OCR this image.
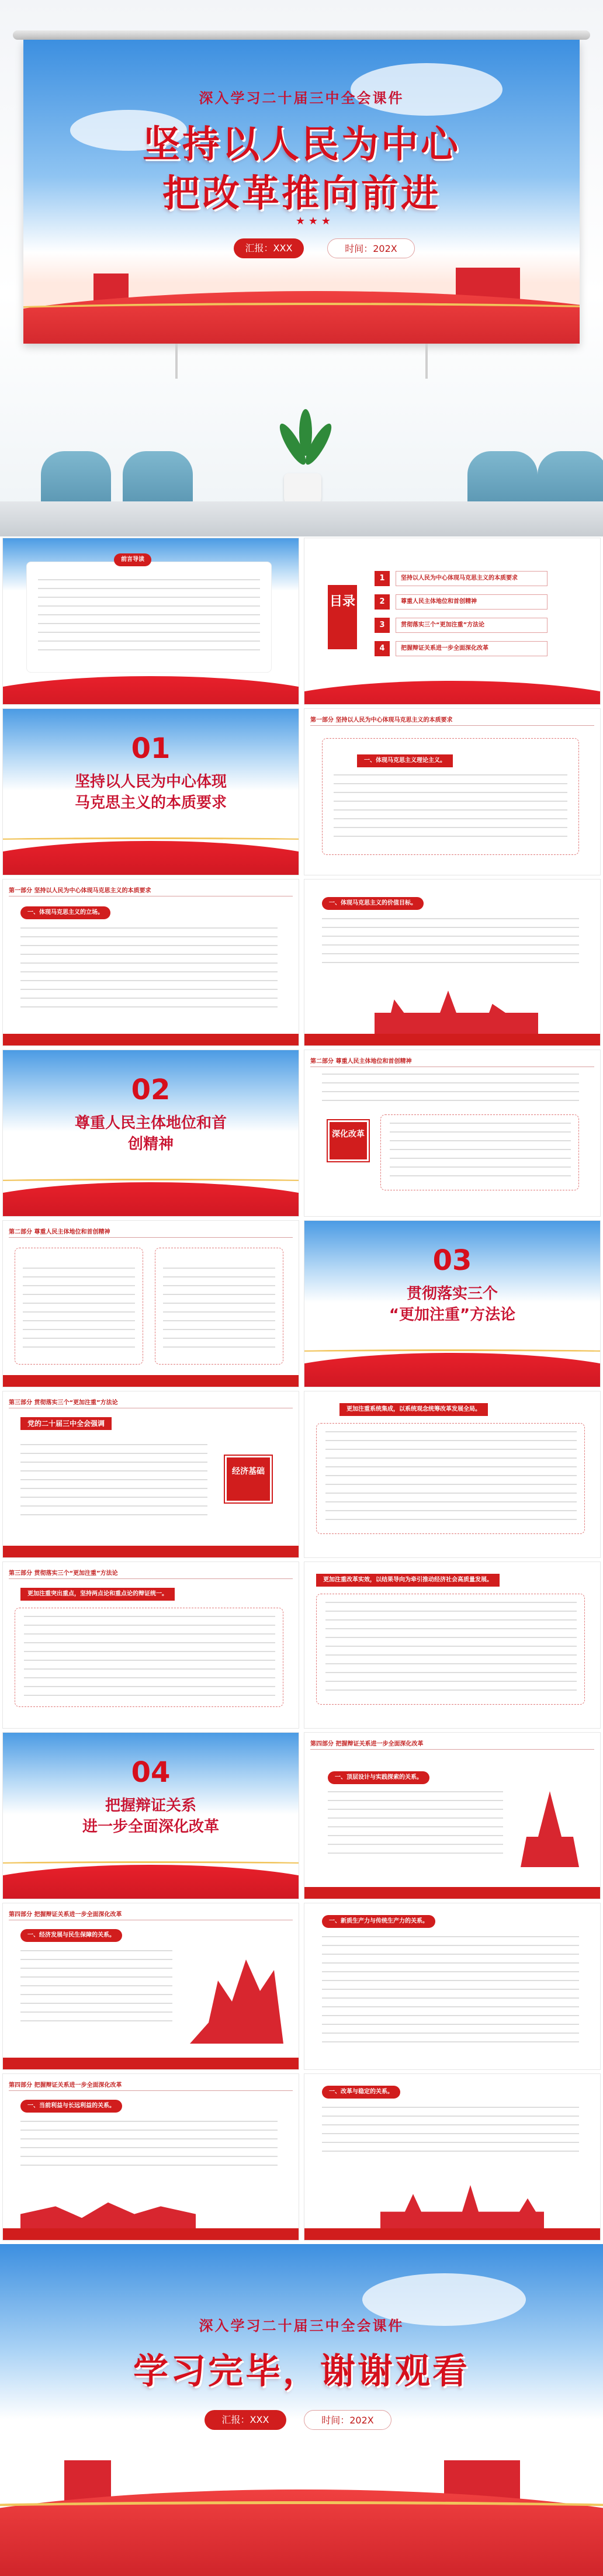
深入学习二十届三中全会课件
坚持以人民为中心
把改革推向前进
★ ★ ★
汇报：XXX	时间：202X
前言导读
目录
1	坚持以人民为中心体现马克思主义的本质要求
2	尊重人民主体地位和首创精神
3	贯彻落实三个“更加注重”方法论
4	把握辩证关系进一步全面深化改革
01
坚持以人民为中心体现
马克思主义的本质要求
第一部分 坚持以人民为中心体现马克思主义的本质要求
一、体现马克思主义理论主义。
第一部分 坚持以人民为中心体现马克思主义的本质要求
一、体现马克思主义的立场。
一、体现马克思主义的价值目标。
02
尊重人民主体地位和首
创精神
第二部分 尊重人民主体地位和首创精神
深化改革
第二部分 尊重人民主体地位和首创精神
03
贯彻落实三个
“更加注重”方法论
第三部分 贯彻落实三个“更加注重”方法论
党的二十届三中全会强调
经济基础
更加注重系统集成，以系统观念统筹改革发展全局。
第三部分 贯彻落实三个“更加注重”方法论
更加注重突出重点，坚持两点论和重点论的辩证统一。
更加注重改革实效，以结果导向为牵引推动经济社会高质量发展。
04
把握辩证关系
进一步全面深化改革
第四部分 把握辩证关系进一步全面深化改革
一、顶层设计与实践探索的关系。
第四部分 把握辩证关系进一步全面深化改革
一、经济发展与民生保障的关系。
一、新质生产力与传统生产力的关系。
第四部分 把握辩证关系进一步全面深化改革
一、当前利益与长远利益的关系。
一、改革与稳定的关系。
深入学习二十届三中全会课件
学习完毕，谢谢观看
汇报：XXX	时间：202X
